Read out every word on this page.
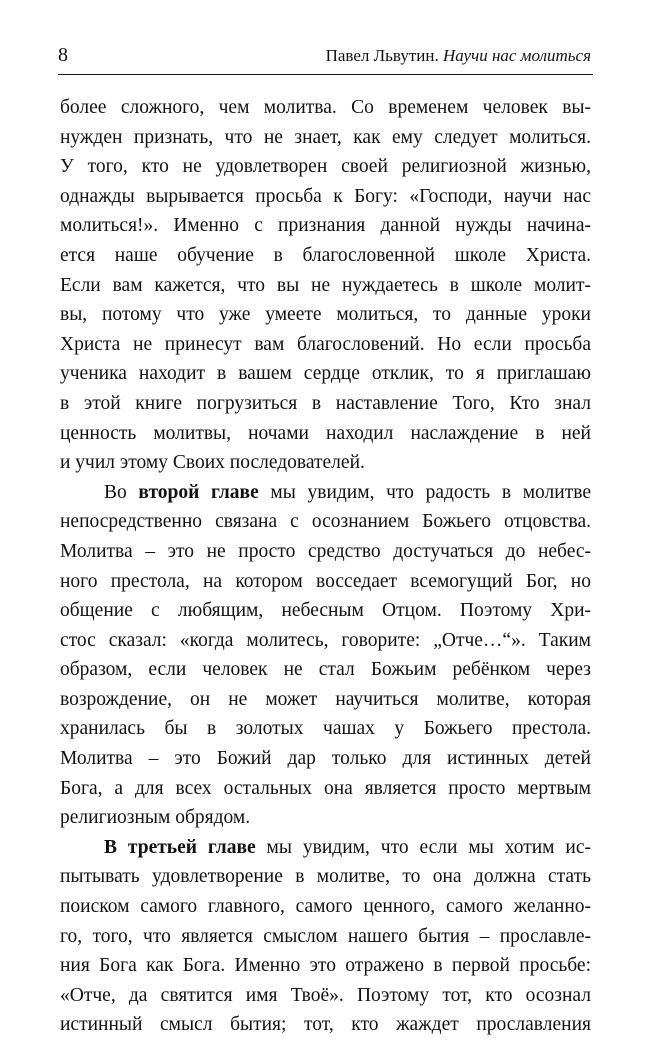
8	Павел Львутин. Научи нас молиться
более сложного, чем молитва. Со временем человек вы-
нужден признать, что не знает, как ему следует молиться.
У того, кто не удовлетворен своей религиозной жизнью,
однажды вырывается просьба к Богу: «Господи, научи нас
молиться!». Именно с признания данной нужды начина-
ется наше обучение в благословенной школе Христа.
Если вам кажется, что вы не нуждаетесь в школе молит-
вы, потому что уже умеете молиться, то данные уроки
Христа не принесут вам благословений. Но если просьба
ученика находит в вашем сердце отклик, то я приглашаю
в этой книге погрузиться в наставление Того, Кто знал
ценность молитвы, ночами находил наслаждение в ней
и учил этому Своих последователей.
Во второй главе мы увидим, что радость в молитве
непосредственно связана с осознанием Божьего отцовства.
Молитва – это не просто средство достучаться до небес-
ного престола, на котором восседает всемогущий Бог, но
общение с любящим, небесным Отцом. Поэтому Хри-
стос сказал: «когда молитесь, говорите: „Отче…“». Таким
образом, если человек не стал Божьим ребёнком через
возрождение, он не может научиться молитве, которая
хранилась бы в золотых чашах у Божьего престола.
Молитва – это Божий дар только для истинных детей
Бога, а для всех остальных она является просто мертвым
религиозным обрядом.
В третьей главе мы увидим, что если мы хотим ис-
пытывать удовлетворение в молитве, то она должна стать
поиском самого главного, самого ценного, самого желанно-
го, того, что является смыслом нашего бытия – прославле-
ния Бога как Бога. Именно это отражено в первой просьбе:
«Отче, да святится имя Твоё». Поэтому тот, кто осознал
истинный смысл бытия; тот, кто жаждет прославления
